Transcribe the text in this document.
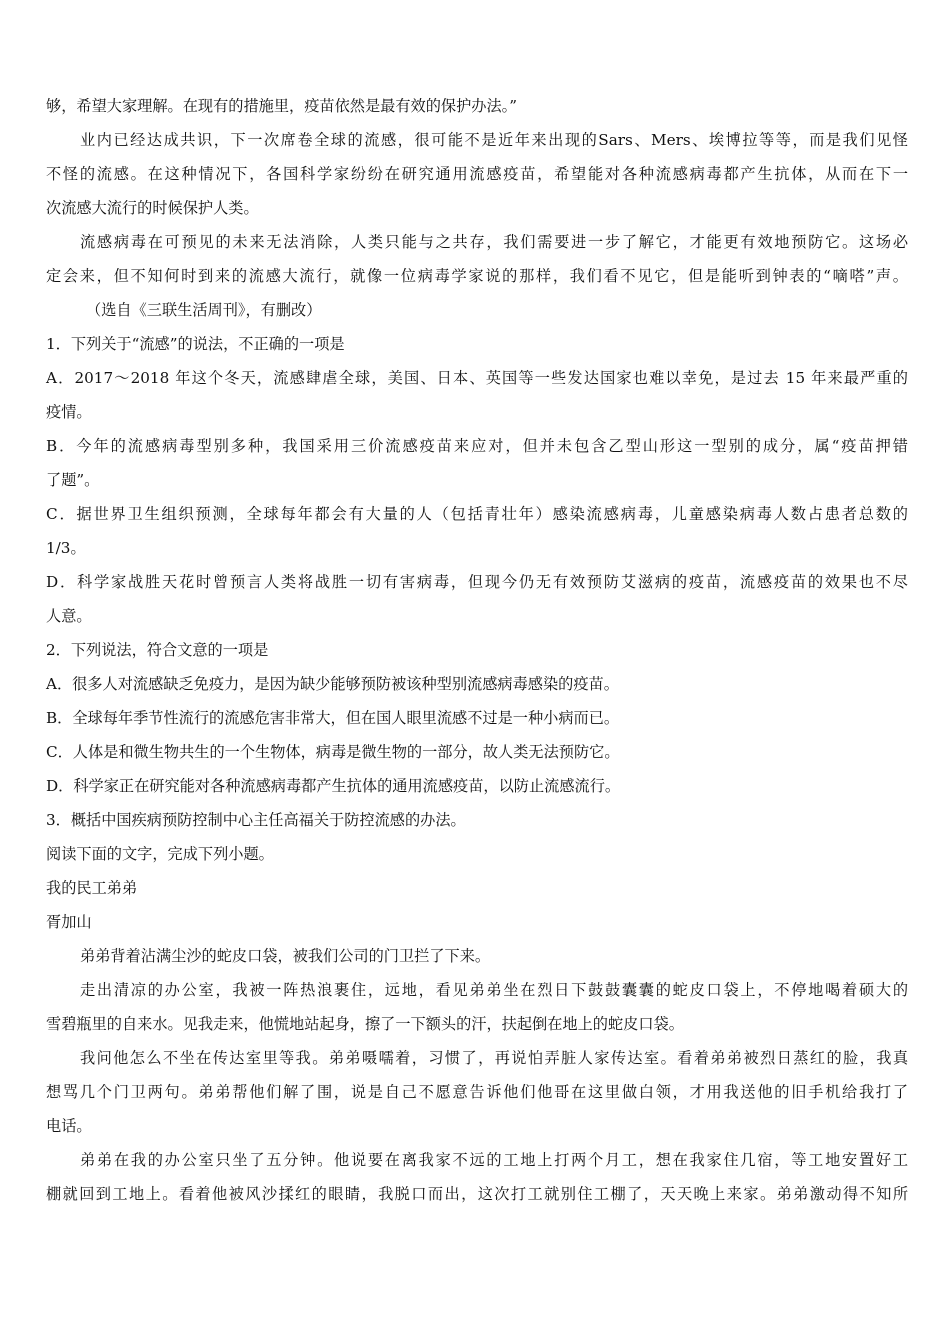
够，希望大家理解。在现有的措施里，疫苗依然是最有效的保护办法。”

业内已经达成共识，下一次席卷全球的流感，很可能不是近年来出现的Sars、Mers、埃博拉等等，而是我们见怪

不怪的流感。在这种情况下，各国科学家纷纷在研究通用流感疫苗，希望能对各种流感病毒都产生抗体，从而在下一

次流感大流行的时候保护人类。

流感病毒在可预见的未来无法消除，人类只能与之共存，我们需要进一步了解它，才能更有效地预防它。这场必

定会来，但不知何时到来的流感大流行，就像一位病毒学家说的那样，我们看不见它，但是能听到钟表的“嘀嗒”声。

（选自《三联生活周刊》，有删改）

1．下列关于“流感”的说法，不正确的一项是

A．2017～2018 年这个冬天，流感肆虐全球，美国、日本、英国等一些发达国家也难以幸免，是过去 15 年来最严重的

疫情。

B．今年的流感病毒型别多种，我国采用三价流感疫苗来应对，但并未包含乙型山形这一型别的成分，属“疫苗押错

了题”。

C．据世界卫生组织预测，全球每年都会有大量的人（包括青壮年）感染流感病毒，儿童感染病毒人数占患者总数的

1/3。

D．科学家战胜天花时曾预言人类将战胜一切有害病毒，但现今仍无有效预防艾滋病的疫苗，流感疫苗的效果也不尽

人意。

2．下列说法，符合文意的一项是

A．很多人对流感缺乏免疫力，是因为缺少能够预防被该种型别流感病毒感染的疫苗。

B．全球每年季节性流行的流感危害非常大，但在国人眼里流感不过是一种小病而已。

C．人体是和微生物共生的一个生物体，病毒是微生物的一部分，故人类无法预防它。

D．科学家正在研究能对各种流感病毒都产生抗体的通用流感疫苗，以防止流感流行。

3．概括中国疾病预防控制中心主任高福关于防控流感的办法。

阅读下面的文字，完成下列小题。

我的民工弟弟

胥加山

弟弟背着沾满尘沙的蛇皮口袋，被我们公司的门卫拦了下来。

走出清凉的办公室，我被一阵热浪裹住，远地，看见弟弟坐在烈日下鼓鼓囊囊的蛇皮口袋上，不停地喝着硕大的

雪碧瓶里的自来水。见我走来，他慌地站起身，擦了一下额头的汗，扶起倒在地上的蛇皮口袋。

我问他怎么不坐在传达室里等我。弟弟嗫嚅着，习惯了，再说怕弄脏人家传达室。看着弟弟被烈日蒸红的脸，我真

想骂几个门卫两句。弟弟帮他们解了围，说是自己不愿意告诉他们他哥在这里做白领，才用我送他的旧手机给我打了

电话。

弟弟在我的办公室只坐了五分钟。他说要在离我家不远的工地上打两个月工，想在我家住几宿，等工地安置好工

棚就回到工地上。看着他被风沙揉红的眼睛，我脱口而出，这次打工就别住工棚了，天天晚上来家。弟弟激动得不知所
